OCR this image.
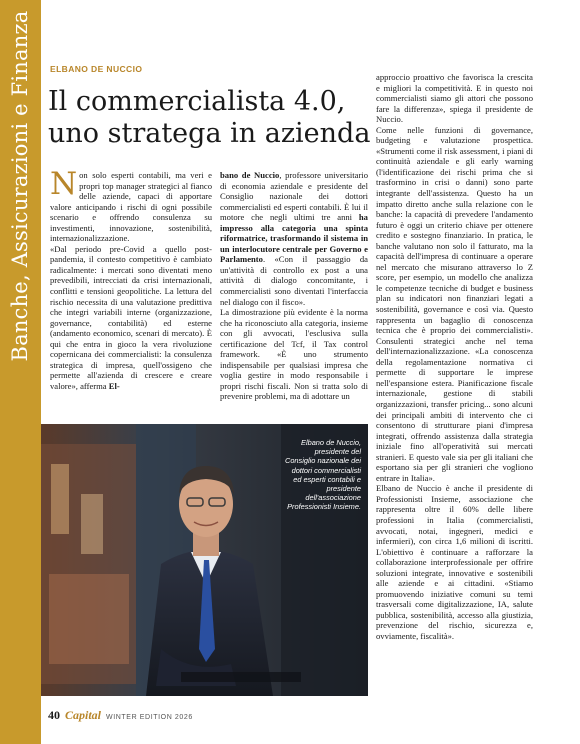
Banche, Assicurazioni e Finanza ELBANO DE NUCCIO
Il commercialista 4.0,
uno stratega in azienda

Non solo esperti contabili, ma veri e propri top manager strategici al fianco delle aziende, capaci di apportare valore anticipando i rischi di ogni possibile scenario e offrendo consulenza su investimenti, innovazione, sostenibilità, internazionalizzazione.

«Dal periodo pre-Covid a quello post-pandemia, il contesto competitivo è cambiato radicalmente: i mercati sono diventati meno prevedibili, intrecciati da crisi internazionali, conflitti e tensioni geopolitiche. La lettura del rischio necessita di una valutazione predittiva che integri variabili interne (organizzazione, governance, contabilità) ed esterne (andamento economico, scenari di mercato). È qui che entra in gioco la vera rivoluzione copernicana dei commercialisti: la consulenza strategica di impresa, quell'ossigeno che permette all'azienda di crescere e creare valore», afferma El-

bano de Nuccio, professore universitario di economia aziendale e presidente del Consiglio nazionale dei dottori commercialisti ed esperti contabili. È lui il motore che negli ultimi tre anni ha impresso alla categoria una spinta riformatrice, trasformando il sistema in un interlocutore centrale per Governo e Parlamento. «Con il passaggio da un'attività di controllo ex post a una attività di dialogo concomitante, i commercialisti sono diventati l'interfaccia nel dialogo con il fisco».

La dimostrazione più evidente è la norma che ha riconosciuto alla categoria, insieme con gli avvocati, l'esclusiva sulla certificazione del Tcf, il Tax control framework. «È uno strumento indispensabile per qualsiasi impresa che voglia gestire in modo responsabile i propri rischi fiscali. Non si tratta solo di prevenire problemi, ma di adottare un

approccio proattivo che favorisca la crescita e migliori la competitività. E in questo noi commercialisti siamo gli attori che possono fare la differenza», spiega il presidente de Nuccio.

Come nelle funzioni di governance, budgeting e valutazione prospettica. «Strumenti come il risk assessment, i piani di continuità aziendale e gli early warning (l'identificazione dei rischi prima che si trasformino in crisi o danni) sono parte integrante dell'assistenza. Questo ha un impatto diretto anche sulla relazione con le banche: la capacità di prevedere l'andamento futuro è oggi un criterio chiave per ottenere credito e sostegno finanziario. In pratica, le banche valutano non solo il fatturato, ma la capacità dell'impresa di continuare a operare nel mercato che misurano attraverso lo Z score, per esempio, un modello che analizza le competenze tecniche di budget e business plan su indicatori non finanziari legati a sostenibilità, governance e così via. Questo rappresenta un bagaglio di conoscenza tecnica che è proprio dei commercialisti». Consulenti strategici anche nel tema dell'internazionalizzazione. «La conoscenza della regolamentazione normativa ci permette di supportare le imprese nell'espansione estera. Pianificazione fiscale internazionale, gestione di stabili organizzazioni, transfer pricing... sono alcuni dei principali ambiti di intervento che ci consentono di strutturare piani d'impresa integrati, offrendo assistenza dalla strategia iniziale fino all'operatività sui mercati stranieri. E questo vale sia per gli italiani che esportano sia per gli stranieri che vogliono entrare in Italia».

Elbano de Nuccio è anche il presidente di Professionisti Insieme, associazione che rappresenta oltre il 60% delle libere professioni in Italia (commercialisti, avvocati, notai, ingegneri, medici e infermieri), con circa 1,6 milioni di iscritti. L'obiettivo è continuare a rafforzare la collaborazione interprofessionale per offrire soluzioni integrate, innovative e sostenibili alle aziende e ai cittadini. «Stiamo promuovendo iniziative comuni su temi trasversali come digitalizzazione, IA, salute pubblica, sostenibilità, accesso alla giustizia, prevenzione del rischio, sicurezza e, ovviamente, fiscalità».

Elbano de Nuccio, presidente del Consiglio nazionale dei dottori commercialisti ed esperti contabili e presidente dell'associazione Professionisti Insieme.
40 Capital WINTER EDITION 2026
